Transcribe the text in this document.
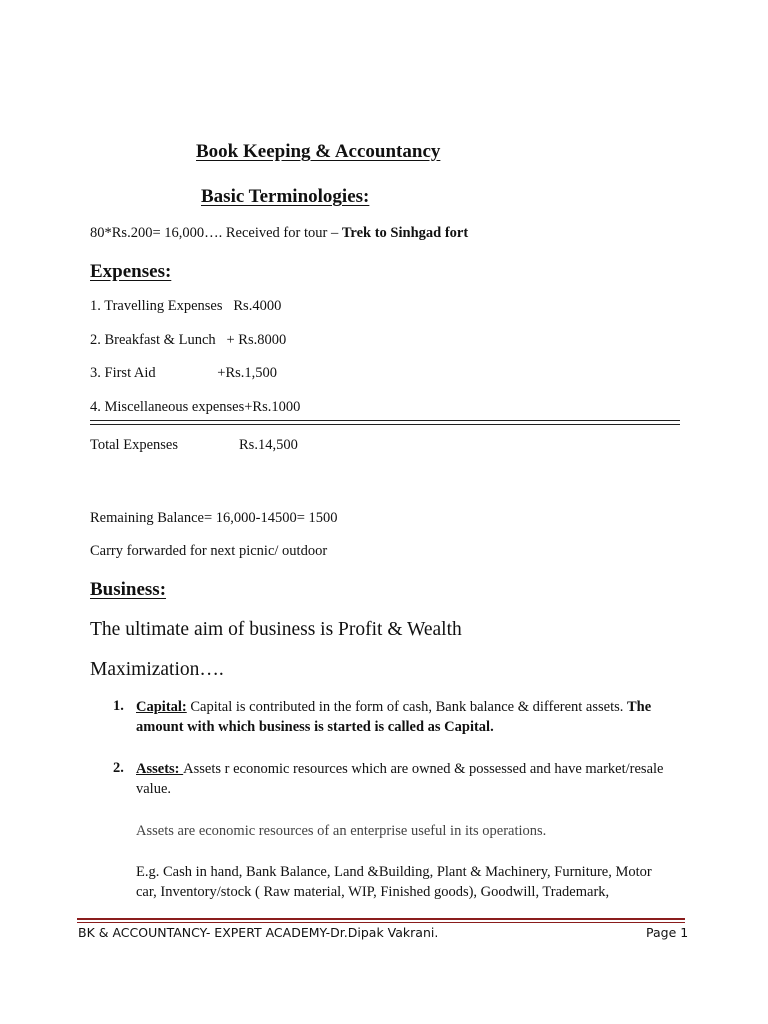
Book Keeping & Accountancy
Basic Terminologies:
80*Rs.200= 16,000…. Received for tour – Trek to Sinhgad fort
Expenses:
1. Travelling Expenses   Rs.4000
2. Breakfast & Lunch   + Rs.8000
3. First Aid                 +Rs.1,500
4. Miscellaneous expenses+Rs.1000
Total Expenses	Rs.14,500
Remaining Balance= 16,000-14500= 1500
Carry forwarded for next picnic/ outdoor
Business:
The ultimate aim of business is Profit & Wealth
Maximization….
1. Capital: Capital is contributed in the form of cash, Bank balance & different assets. The amount with which business is started is called as Capital.
2. Assets: Assets r economic resources which are owned & possessed and have market/resale value.
Assets are economic resources of an enterprise useful in its operations.
E.g. Cash in hand, Bank Balance, Land &Building, Plant & Machinery, Furniture, Motor car, Inventory/stock ( Raw material, WIP, Finished goods), Goodwill, Trademark,
BK & ACCOUNTANCY- EXPERT ACADEMY-Dr.Dipak Vakrani.	Page 1
